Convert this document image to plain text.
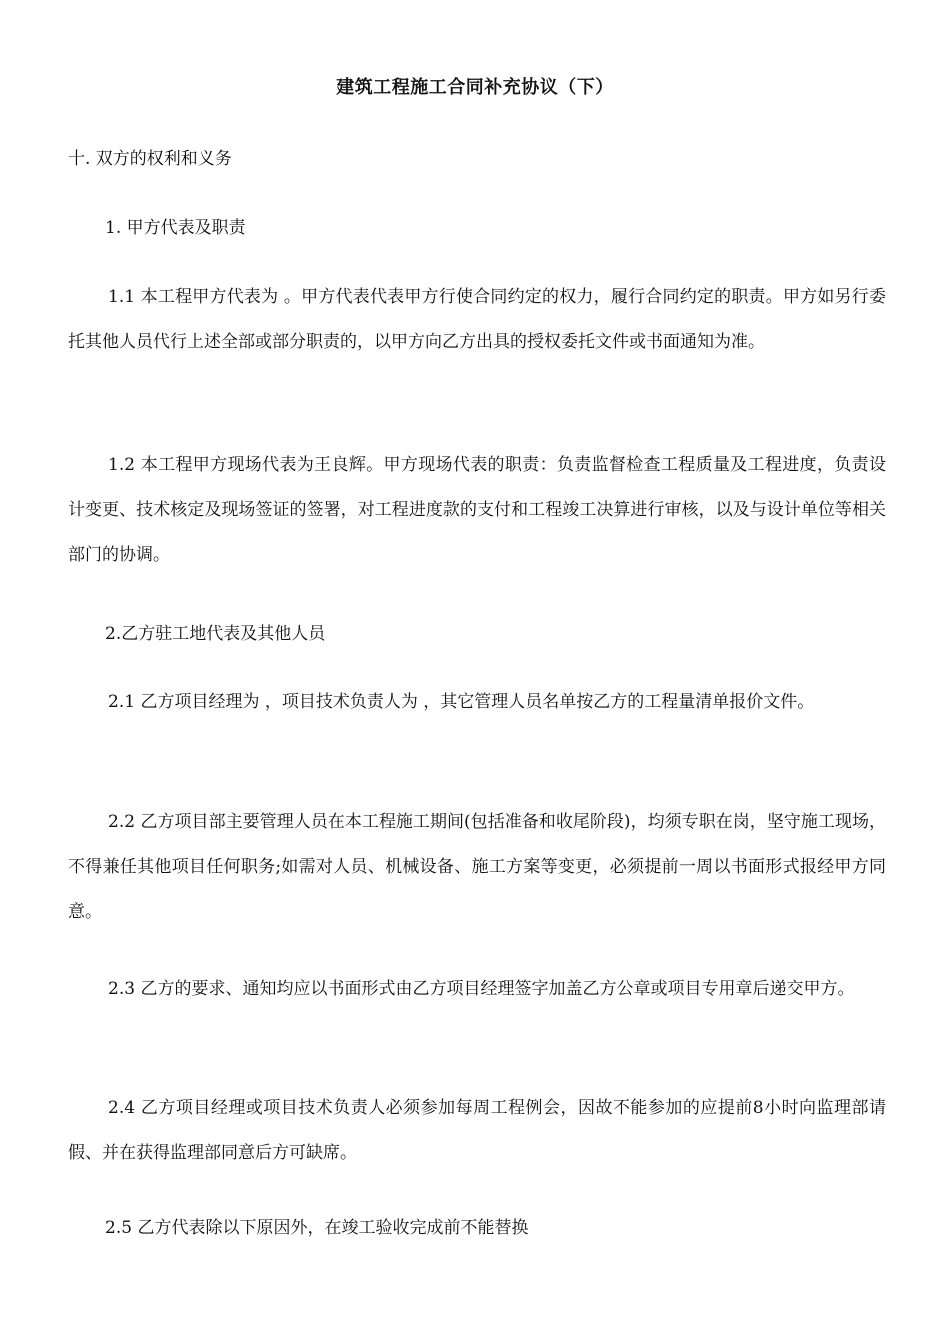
建筑工程施工合同补充协议（下）
十. 双方的权利和义务
1. 甲方代表及职责
1.1 本工程甲方代表为 。甲方代表代表甲方行使合同约定的权力，履行合同约定的职责。甲方如另行委托其他人员代行上述全部或部分职责的，以甲方向乙方出具的授权委托文件或书面通知为准。
1.2 本工程甲方现场代表为王良辉。甲方现场代表的职责：负责监督检查工程质量及工程进度，负责设计变更、技术核定及现场签证的签署，对工程进度款的支付和工程竣工决算进行审核，以及与设计单位等相关部门的协调。
2.乙方驻工地代表及其他人员
2.1 乙方项目经理为 ，项目技术负责人为 ，其它管理人员名单按乙方的工程量清单报价文件。
2.2 乙方项目部主要管理人员在本工程施工期间(包括准备和收尾阶段)，均须专职在岗，坚守施工现场，不得兼任其他项目任何职务;如需对人员、机械设备、施工方案等变更，必须提前一周以书面形式报经甲方同意。
2.3 乙方的要求、通知均应以书面形式由乙方项目经理签字加盖乙方公章或项目专用章后递交甲方。
2.4 乙方项目经理或项目技术负责人必须参加每周工程例会，因故不能参加的应提前8小时向监理部请假、并在获得监理部同意后方可缺席。
2.5 乙方代表除以下原因外，在竣工验收完成前不能替换
